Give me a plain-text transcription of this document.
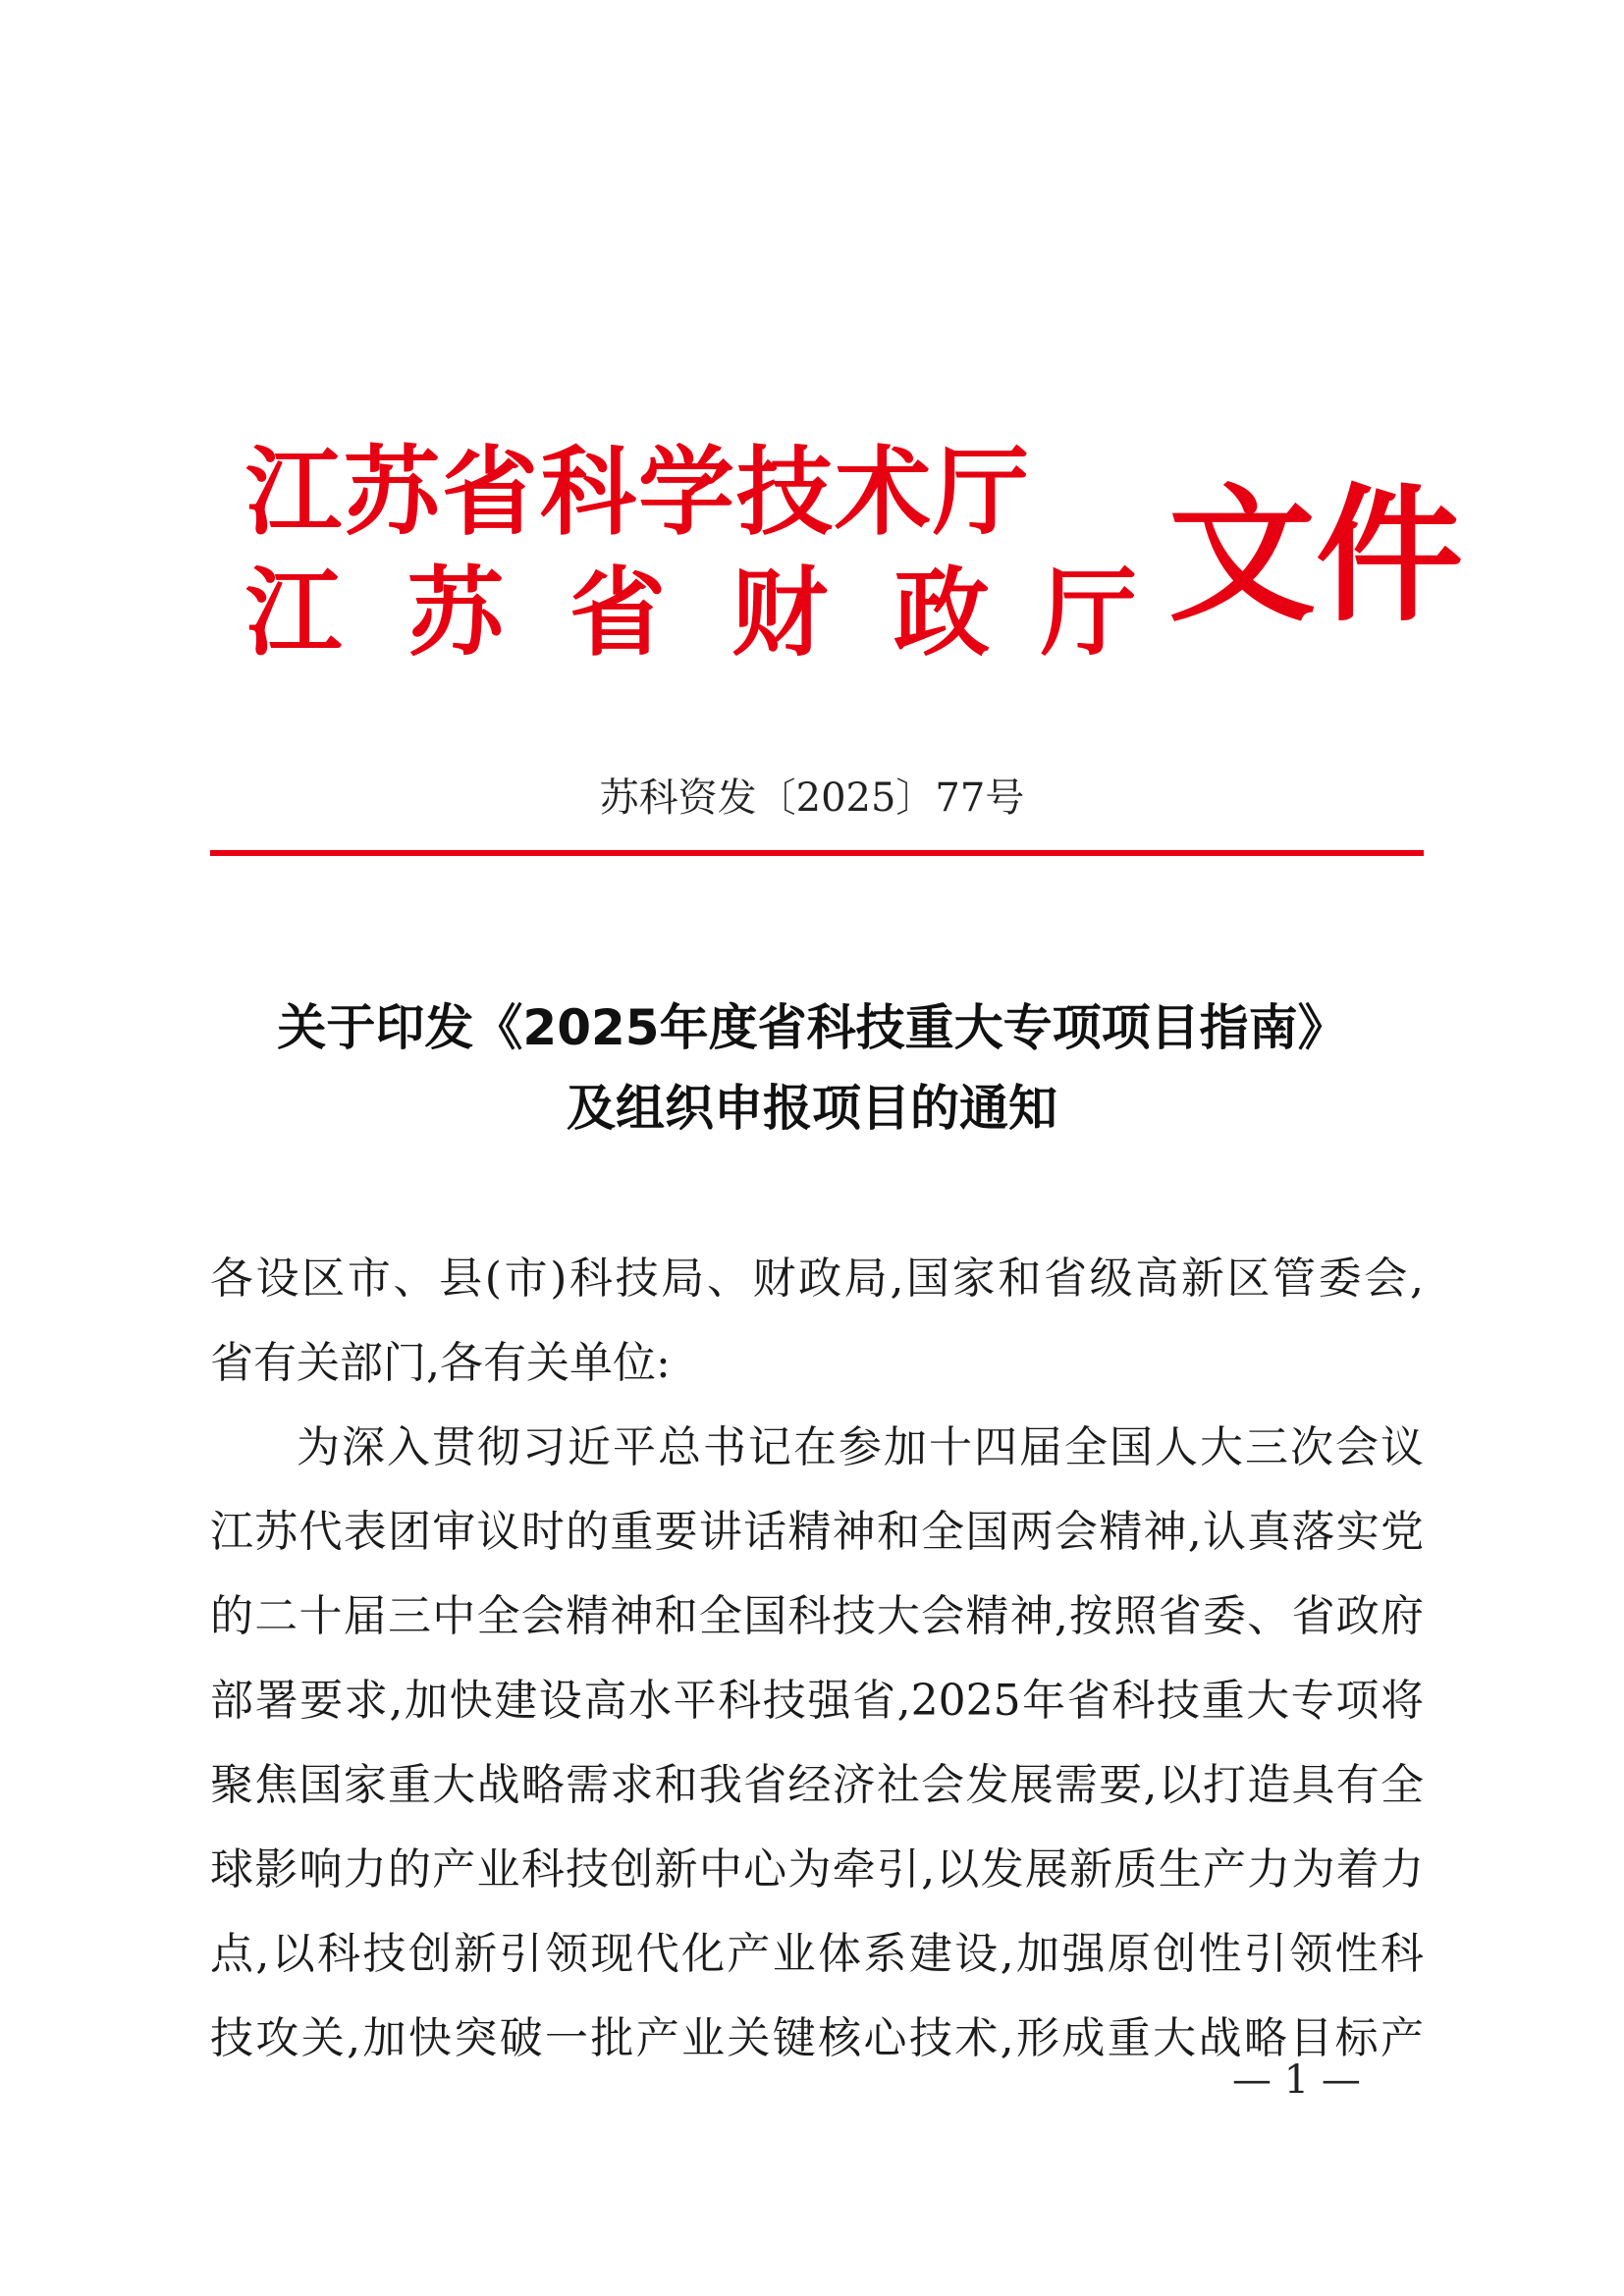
江苏省科学技术厅
江 苏 省 财 政 厅 文件
苏科资发〔2025〕77号
关于印发《2025年度省科技重大专项项目指南》
及组织申报项目的通知
各设区市、县(市)科技局、财政局,国家和省级高新区管委会,
省有关部门,各有关单位:
为深入贯彻习近平总书记在参加十四届全国人大三次会议
江苏代表团审议时的重要讲话精神和全国两会精神,认真落实党
的二十届三中全会精神和全国科技大会精神,按照省委、省政府
部署要求,加快建设高水平科技强省,2025年省科技重大专项将
聚焦国家重大战略需求和我省经济社会发展需要,以打造具有全
球影响力的产业科技创新中心为牵引,以发展新质生产力为着力
点,以科技创新引领现代化产业体系建设,加强原创性引领性科
技攻关,加快突破一批产业关键核心技术,形成重大战略目标产
— 1 —
